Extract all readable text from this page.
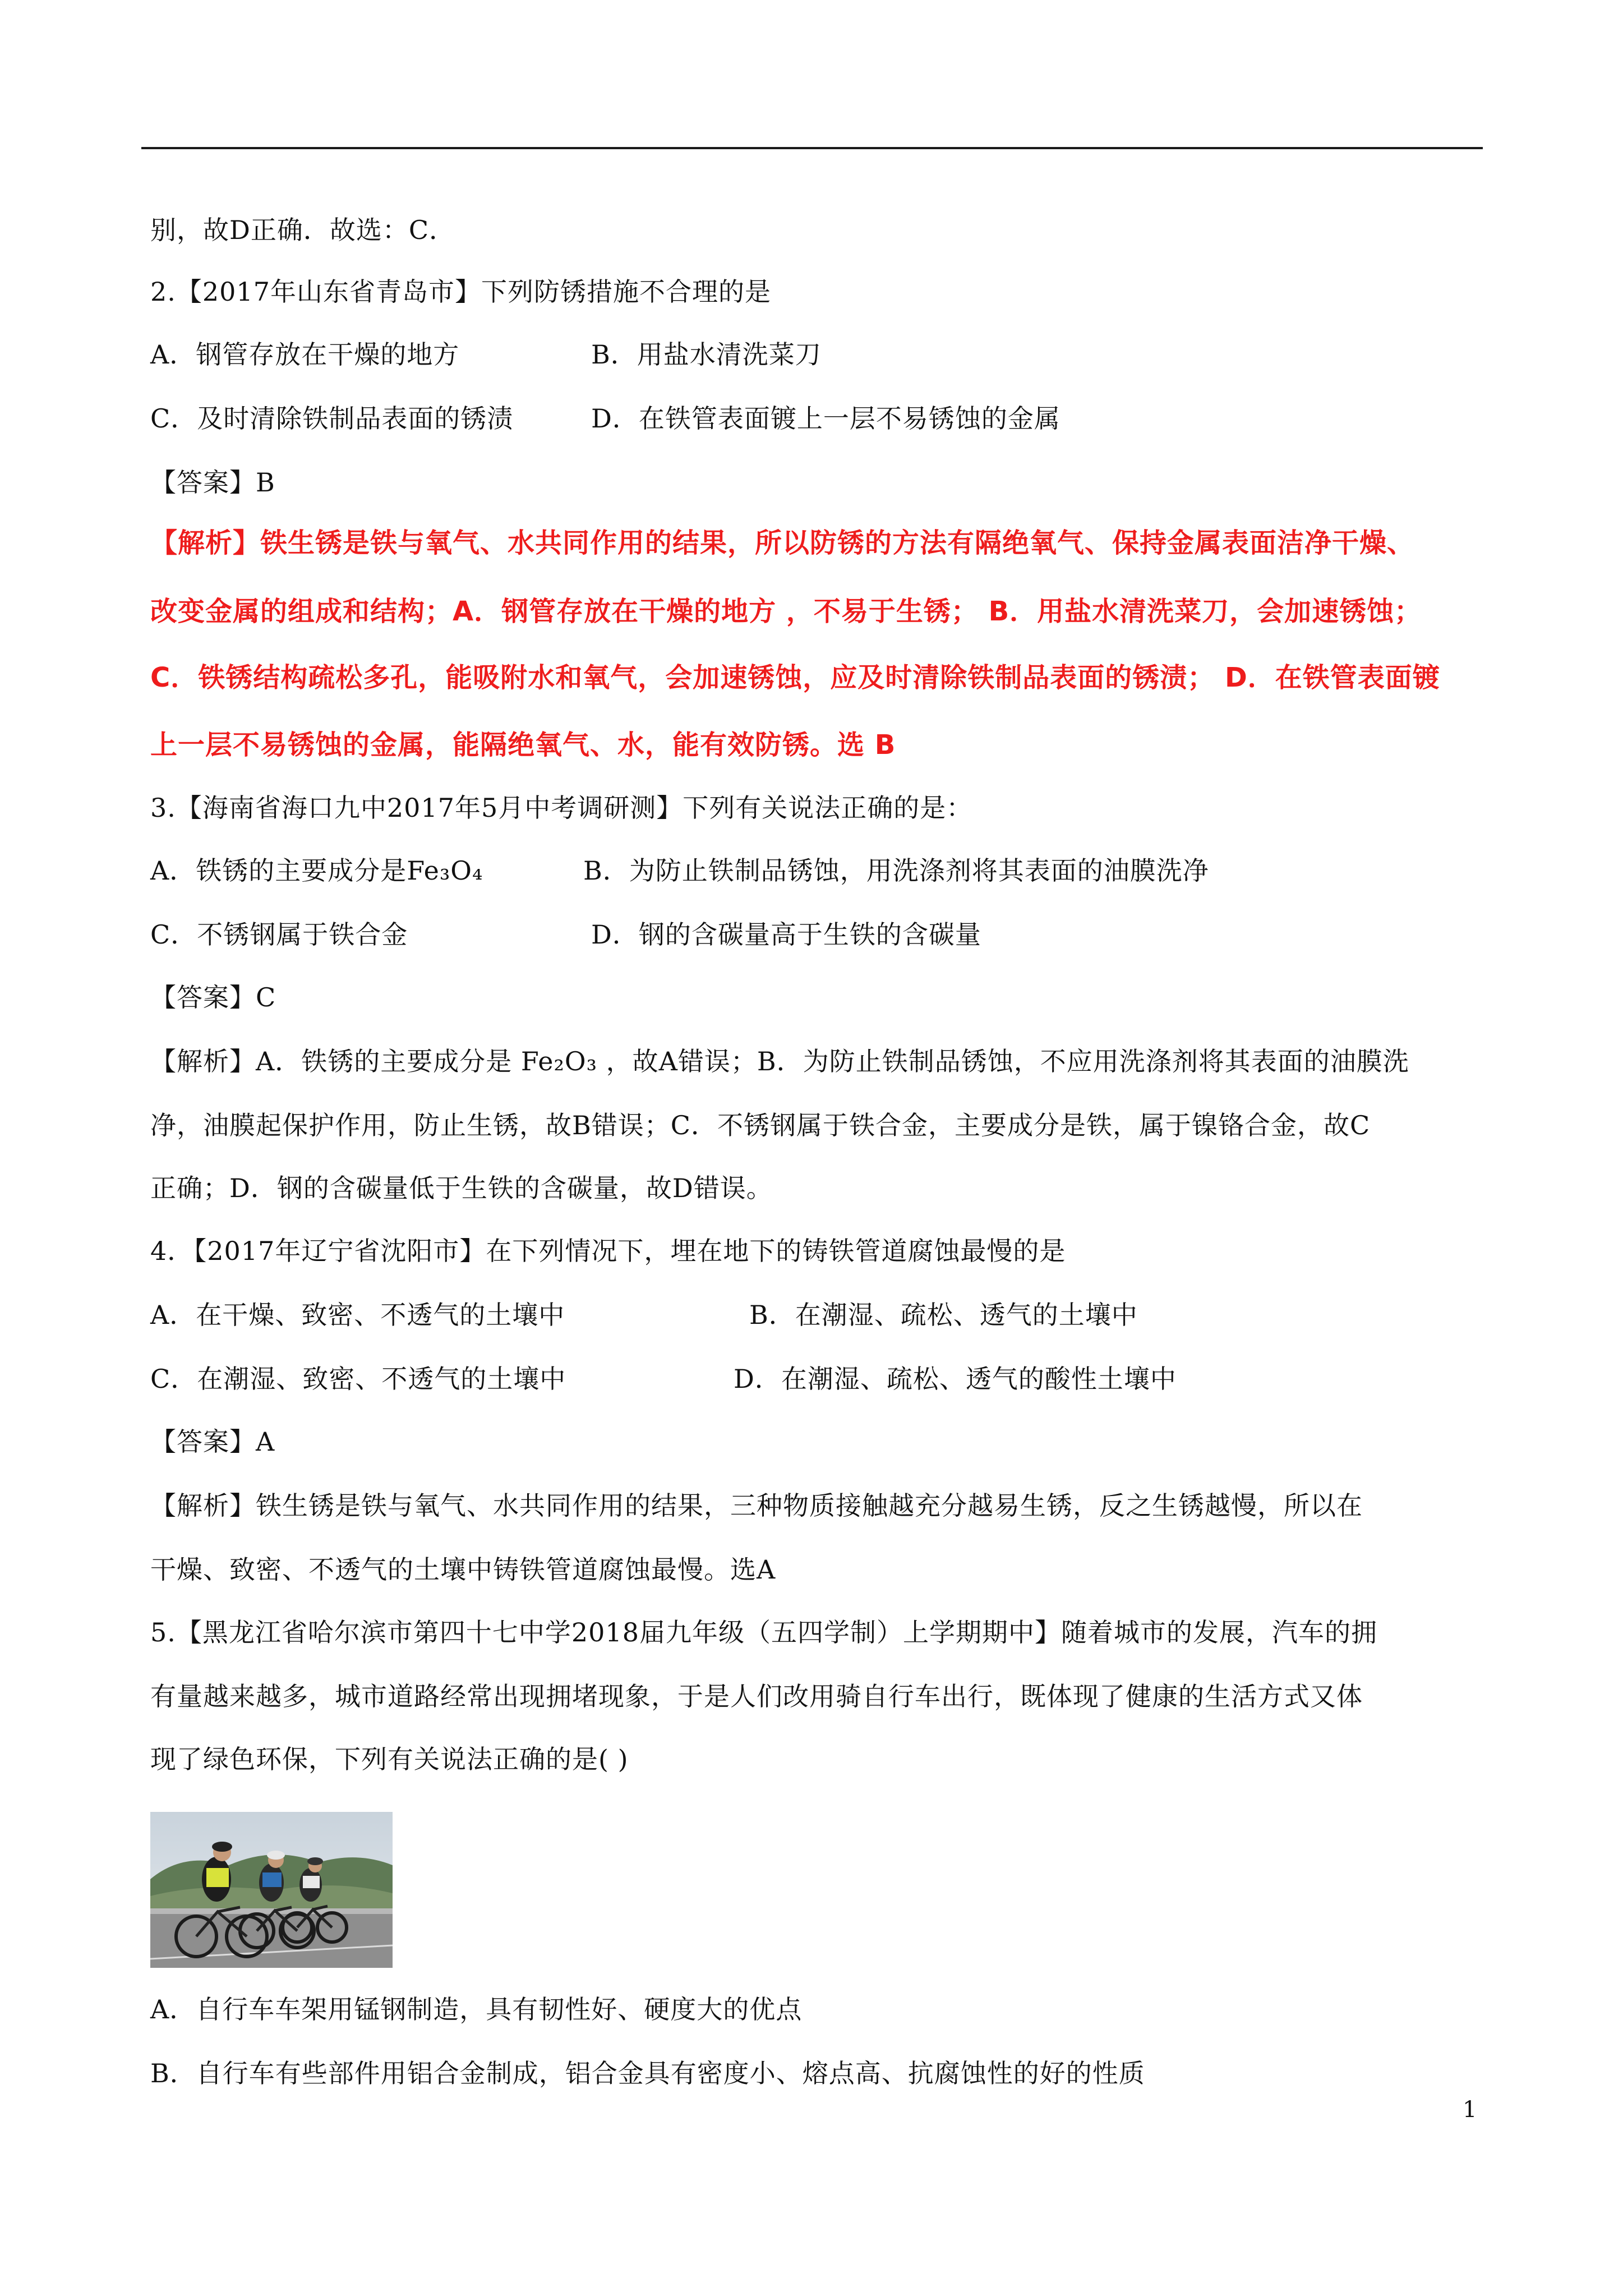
别，故D正确．故选：C．
2.【2017年山东省青岛市】下列防锈措施不合理的是
A．钢管存放在干燥的地方	B．用盐水清洗菜刀
C．及时清除铁制品表面的锈渍	D．在铁管表面镀上一层不易锈蚀的金属
【答案】B
【解析】铁生锈是铁与氧气、水共同作用的结果，所以防锈的方法有隔绝氧气、保持金属表面洁净干燥、
改变金属的组成和结构；A．钢管存放在干燥的地方 ，不易于生锈； B．用盐水清洗菜刀，会加速锈蚀；
C．铁锈结构疏松多孔，能吸附水和氧气，会加速锈蚀，应及时清除铁制品表面的锈渍； D．在铁管表面镀
上一层不易锈蚀的金属，能隔绝氧气、水，能有效防锈。选 B
3.【海南省海口九中2017年5月中考调研测】下列有关说法正确的是：
A．铁锈的主要成分是Fe₃O₄	B．为防止铁制品锈蚀，用洗涤剂将其表面的油膜洗净
C．不锈钢属于铁合金	D．钢的含碳量高于生铁的含碳量
【答案】C
【解析】A．铁锈的主要成分是 Fe₂O₃ ，故A错误；B．为防止铁制品锈蚀，不应用洗涤剂将其表面的油膜洗
净，油膜起保护作用，防止生锈，故B错误；C．不锈钢属于铁合金，主要成分是铁，属于镍铬合金，故C
正确；D．钢的含碳量低于生铁的含碳量，故D错误。
4．【2017年辽宁省沈阳市】在下列情况下，埋在地下的铸铁管道腐蚀最慢的是
A．在干燥、致密、不透气的土壤中	B．在潮湿、疏松、透气的土壤中
C．在潮湿、致密、不透气的土壤中	D．在潮湿、疏松、透气的酸性土壤中
【答案】A
【解析】铁生锈是铁与氧气、水共同作用的结果，三种物质接触越充分越易生锈，反之生锈越慢，所以在
干燥、致密、不透气的土壤中铸铁管道腐蚀最慢。选A
5.【黑龙江省哈尔滨市第四十七中学2018届九年级（五四学制）上学期期中】随着城市的发展，汽车的拥
有量越来越多，城市道路经常出现拥堵现象，于是人们改用骑自行车出行，既体现了健康的生活方式又体
现了绿色环保，下列有关说法正确的是( )
A．自行车车架用锰钢制造，具有韧性好、硬度大的优点
B．自行车有些部件用铝合金制成，铝合金具有密度小、熔点高、抗腐蚀性的好的性质
1
